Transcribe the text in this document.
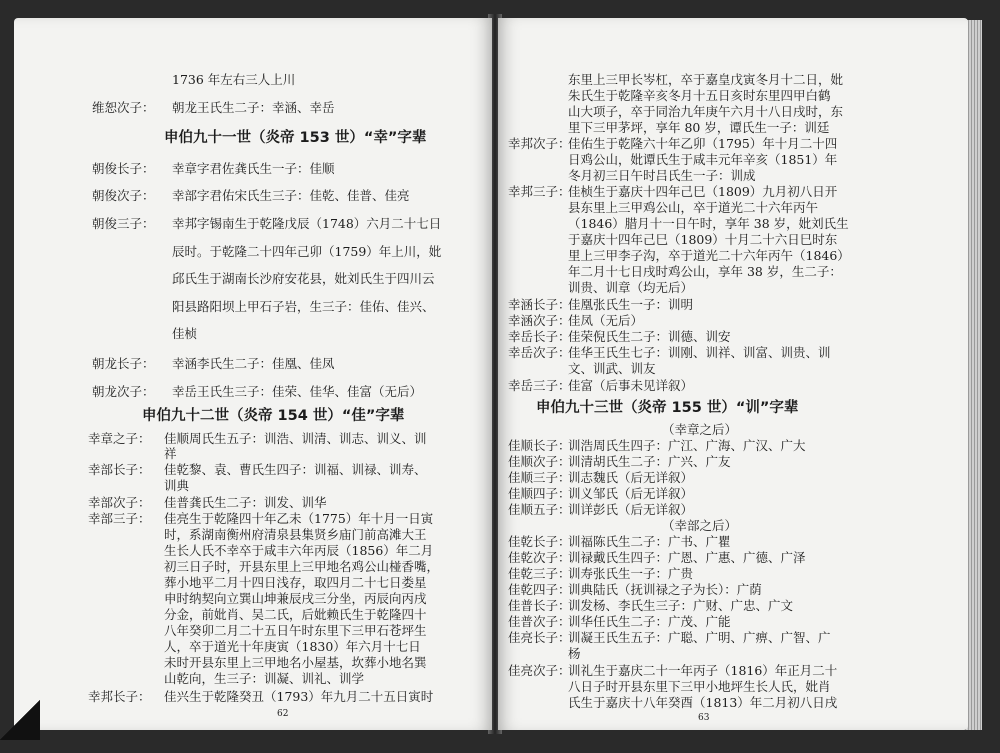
1736 年左右三人上川
维恕次子： 朝龙王氏生二子：幸涵、幸岳
申伯九十一世（炎帝 153 世）“幸”字辈
朝俊长子： 幸章字君佐龚氏生一子：佳顺
朝俊次子： 幸部字君佑宋氏生三子：佳乾、佳普、佳亮
朝俊三子： 幸邦字锡南生于乾隆戊辰（1748）六月二十七日
辰时。于乾隆二十四年己卯（1759）年上川，妣
邱氏生于湖南长沙府安花县，妣刘氏生于四川云
阳县路阳坝上甲石子岩，生三子：佳佑、佳兴、
佳桢
朝龙长子： 幸涵李氏生二子：佳凰、佳凤
朝龙次子： 幸岳王氏生三子：佳荣、佳华、佳富（无后）
申伯九十二世（炎帝 154 世）“佳”字辈
幸章之子： 佳顺周氏生五子：训浩、训清、训志、训义、训
祥
幸部长子： 佳乾黎、袁、曹氏生四子：训福、训禄、训寿、
训典
幸部次子： 佳普龚氏生二子：训发、训华
幸部三子： 佳亮生于乾隆四十年乙未（1775）年十月一日寅
时，系湖南衡州府清泉县集贤乡庙门前高滩大王
生长人氏不幸卒于咸丰六年丙辰（1856）年二月
初三日子时，开县东里上三甲地名鸡公山椪香嘴，
葬小地平二月十四日浅存，取四月二十七日娄星
申时纳契向立巽山坤兼辰戌三分坐，丙辰向丙戌
分金，前妣肖、吴二氏，后妣赖氏生于乾隆四十
八年癸卯二月二十五日午时东里下三甲石苍坪生
人，卒于道光十年庚寅（1830）年六月十七日
未时开县东里上三甲地名小屋基，坎葬小地名巽
山乾向，生三子：训凝、训礼、训学
幸邦长子： 佳兴生于乾隆癸丑（1793）年九月二十五日寅时
62
东里上三甲长岑杠，卒于嘉皇戊寅冬月十二日，妣
朱氏生于乾隆辛亥冬月十五日亥时东里四甲白鹤
山大项子，卒于同治九年庚午六月十八日戌时，东
里下三甲茅坪，享年 80 岁，谭氏生一子：训廷
幸邦次子：
佳佑生于乾隆六十年乙卯（1795）年十月二十四
日鸡公山，妣谭氏生于咸丰元年辛亥（1851）年
冬月初三日午时吕氏生一子：训成
幸邦三子：
佳桢生于嘉庆十四年己巳（1809）九月初八日开
县东里上三甲鸡公山，卒于道光二十六年丙午
（1846）腊月十一日午时，享年 38 岁，妣刘氏生
于嘉庆十四年己巳（1809）十月二十六日巳时东
里上三甲李子沟，卒于道光二十六年丙午（1846）
年二月十七日戌时鸡公山，享年 38 岁，生二子：
训贵、训章（均无后）
幸涵长子：
佳凰张氏生一子：训明
幸涵次子：
佳凤（无后）
幸岳长子：
佳荣倪氏生二子：训德、训安
幸岳次子：
佳华王氏生七子：训刚、训祥、训富、训贵、训
文、训武、训友
幸岳三子：
佳富（后事未见详叙）
申伯九十三世（炎帝 155 世）“训”字辈
（幸章之后）
佳顺长子：
训浩周氏生四子：广江、广海、广汉、广大
佳顺次子：
训清胡氏生二子：广兴、广友
佳顺三子：
训志魏氏（后无详叙）
佳顺四子：
训义邹氏（后无详叙）
佳顺五子：
训详彭氏（后无详叙）
（幸部之后）
佳乾长子：
训福陈氏生二子：广书、广瞿
佳乾次子：
训禄戴氏生四子：广恩、广惠、广德、广泽
佳乾三子：
训寿张氏生一子：广贵
佳乾四子：
训典陆氏（抚训禄之子为长）：广荫
佳普长子：
训发杨、李氏生三子：广财、广忠、广文
佳普次子：
训华任氏生二子：广茂、广能
佳亮长子：
训凝王氏生五子：广聪、广明、广痹、广智、广
杨
佳亮次子：
训礼生于嘉庆二十一年丙子（1816）年正月二十
八日子时开县东里下三甲小地坪生长人氏，妣肖
氏生于嘉庆十八年癸酉（1813）年二月初八日戌
63
